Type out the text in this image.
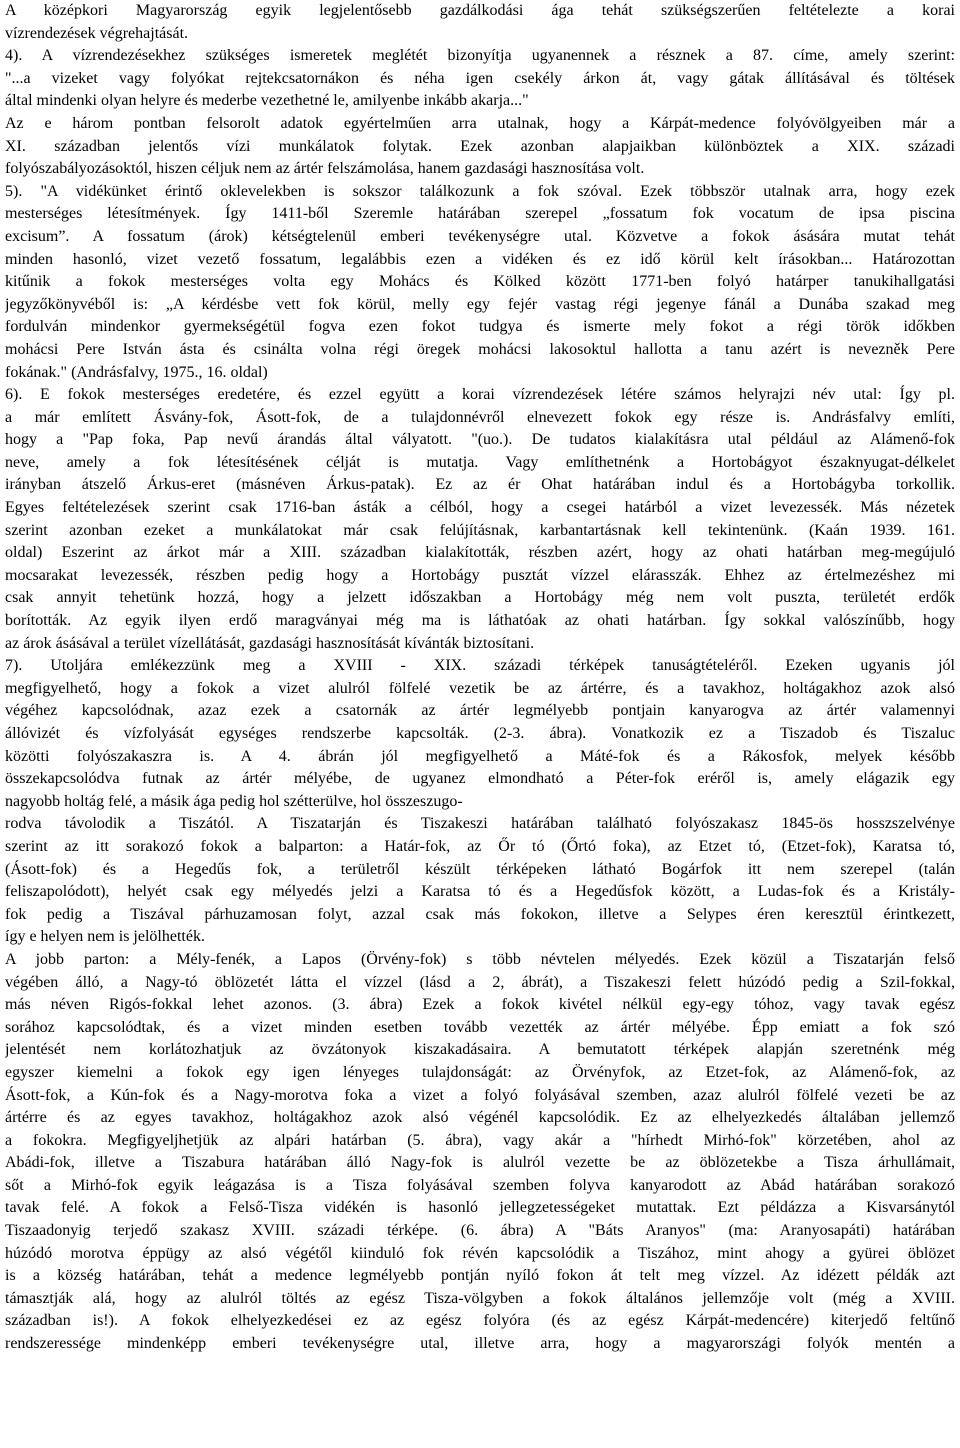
A középkori Magyarország egyik legjelentősebb gazdálkodási ága tehát szükségszerűen feltételezte a korai
vízrendezések végrehajtását.
4). A vízrendezésekhez szükséges ismeretek meglétét bizonyítja ugyanennek a résznek a 87. címe, amely szerint:
"...a vizeket vagy folyókat rejtekcsatornákon és néha igen csekély árkon át, vagy gátak állításával és töltések
által mindenki olyan helyre és mederbe vezethetné le, amilyenbe inkább akarja..."
Az e három pontban felsorolt adatok egyértelműen arra utalnak, hogy a Kárpát-medence folyóvölgyeiben már a
XI. században jelentős vízi munkálatok folytak. Ezek azonban alapjaikban különböztek a XIX. századi
folyószabályozásoktól, hiszen céljuk nem az ártér felszámolása, hanem gazdasági hasznosítása volt.
5). "A vidékünket érintő oklevelekben is sokszor találkozunk a fok szóval. Ezek többször utalnak arra, hogy ezek
mesterséges létesítmények. Így 1411-ből Szeremle határában szerepel „fossatum fok vocatum de ipsa piscina
excisum”. A fossatum (árok) kétségtelenül emberi tevékenységre utal. Közvetve a fokok ásására mutat tehát
minden hasonló, vizet vezető fossatum, legalábbis ezen a vidéken és ez idő körül kelt írásokban... Határozottan
kitűnik a fokok mesterséges volta egy Mohács és Kölked között 1771-ben folyó határper tanukihallgatási
jegyzőkönyvéből is: „A kérdésbe vett fok körül, melly egy fejér vastag régi jegenye fánál a Dunába szakad meg
fordulván mindenkor gyermekségétül fogva ezen fokot tudgya és ismerte mely fokot a régi török időkben
mohácsi Pere István ásta és csinálta volna régi öregek mohácsi lakosoktul hallotta a tanu azért is nevezněk Pere
fokának." (Andrásfalvy, 1975., 16. oldal)
6). E fokok mesterséges eredetére, és ezzel együtt a korai vízrendezések létére számos helyrajzi név utal: Így pl.
a már említett Ásvány-fok, Ásott-fok, de a tulajdonnévről elnevezett fokok egy része is. Andrásfalvy említi,
hogy a "Pap foka, Pap nevű árandás által vályatott. "(uo.). De tudatos kialakításra utal például az Alámenő-fok
neve, amely a fok létesítésének célját is mutatja. Vagy említhetnénk a Hortobágyot északnyugat-délkelet
irányban átszelő Árkus-eret (másnéven Árkus-patak). Ez az ér Ohat határában indul és a Hortobágyba torkollik.
Egyes feltételezések szerint csak 1716-ban ásták a célból, hogy a csegei határból a vizet levezessék. Más nézetek
szerint azonban ezeket a munkálatokat már csak felújításnak, karbantartásnak kell tekintenünk. (Kaán 1939. 161.
oldal) Eszerint az árkot már a XIII. században kialakították, részben azért, hogy az ohati határban meg-megújuló
mocsarakat levezessék, részben pedig hogy a Hortobágy pusztát vízzel elárasszák. Ehhez az értelmezéshez mi
csak annyit tehetünk hozzá, hogy a jelzett időszakban a Hortobágy még nem volt puszta, területét erdők
borították. Az egyik ilyen erdő maragványai még ma is láthatóak az ohati határban. Így sokkal valószínűbb, hogy
az árok ásásával a terület vízellátását, gazdasági hasznosítását kívánták biztosítani.
7). Utoljára emlékezzünk meg a XVIII - XIX. századi térképek tanuságtételéről. Ezeken ugyanis jól
megfigyelhető, hogy a fokok a vizet alulról fölfelé vezetik be az ártérre, és a tavakhoz, holtágakhoz azok alsó
végéhez kapcsolódnak, azaz ezek a csatornák az ártér legmélyebb pontjain kanyarogva az ártér valamennyi
állóvizét és vízfolyását egységes rendszerbe kapcsolták. (2-3. ábra). Vonatkozik ez a Tiszadob és Tiszaluc
közötti folyószakaszra is. A 4. ábrán jól megfigyelhető a Máté-fok és a Rákosfok, melyek később
összekapcsolódva futnak az ártér mélyébe, de ugyanez elmondható a Péter-fok eréről is, amely elágazik egy
nagyobb holtág felé, a másik ága pedig hol szétterülve, hol összeszugo-
rodva távolodik a Tiszától. A Tiszatarján és Tiszakeszi határában található folyószakasz 1845-ös hosszszelvénye
szerint az itt sorakozó fokok a balparton: a Határ-fok, az Őr tó (Őrtó foka), az Etzet tó, (Etzet-fok), Karatsa tó,
(Ásott-fok) és a Hegedűs fok, a területről készült térképeken látható Bogárfok itt nem szerepel (talán
feliszapolódott), helyét csak egy mélyedés jelzi a Karatsa tó és a Hegedűsfok között, a Ludas-fok és a Kristály-
fok pedig a Tiszával párhuzamosan folyt, azzal csak más fokokon, illetve a Selypes éren keresztül érintkezett,
így e helyen nem is jelölhették.
A jobb parton: a Mély-fenék, a Lapos (Örvény-fok) s több névtelen mélyedés. Ezek közül a Tiszatarján felső
végében álló, a Nagy-tó öblözetét látta el vízzel (lásd a 2, ábrát), a Tiszakeszi felett húzódó pedig a Szil-fokkal,
más néven Rigós-fokkal lehet azonos. (3. ábra) Ezek a fokok kivétel nélkül egy-egy tóhoz, vagy tavak egész
sorához kapcsolódtak, és a vizet minden esetben tovább vezették az ártér mélyébe. Épp emiatt a fok szó
jelentését nem korlátozhatjuk az övzátonyok kiszakadásaira. A bemutatott térképek alapján szeretnénk még
egyszer kiemelni a fokok egy igen lényeges tulajdonságát: az Örvényfok, az Etzet-fok, az Alámenő-fok, az
Ásott-fok, a Kún-fok és a Nagy-morotva foka a vizet a folyó folyásával szemben, azaz alulról fölfelé vezeti be az
ártérre és az egyes tavakhoz, holtágakhoz azok alsó végénél kapcsolódik. Ez az elhelyezkedés általában jellemző
a fokokra. Megfigyeljhetjük az alpári határban (5. ábra), vagy akár a "hírhedt Mirhó-fok" körzetében, ahol az
Abádi-fok, illetve a Tiszabura határában álló Nagy-fok is alulról vezette be az öblözetekbe a Tisza árhullámait,
sőt a Mirhó-fok egyik leágazása is a Tisza folyásával szemben folyva kanyarodott az Abád határában sorakozó
tavak felé. A fokok a Felső-Tisza vidékén is hasonló jellegzetességeket mutattak. Ezt példázza a Kisvarsánytól
Tiszaadonyig terjedő szakasz XVIII. századi térképe. (6. ábra) A "Báts Aranyos" (ma: Aranyosapáti) határában
húzódó morotva éppügy az alsó végétől kiinduló fok révén kapcsolódik a Tiszához, mint ahogy a gyürei öblözet
is a község határában, tehát a medence legmélyebb pontján nyíló fokon át telt meg vízzel. Az idézett példák azt
támasztják alá, hogy az alulról töltés az egész Tisza-völgyben a fokok általános jellemzője volt (még a XVIII.
században is!). A fokok elhelyezkedései ez az egész folyóra (és az egész Kárpát-medencére) kiterjedő feltűnő
rendszeressége mindenképp emberi tevékenységre utal, illetve arra, hogy a magyarországi folyók mentén a
